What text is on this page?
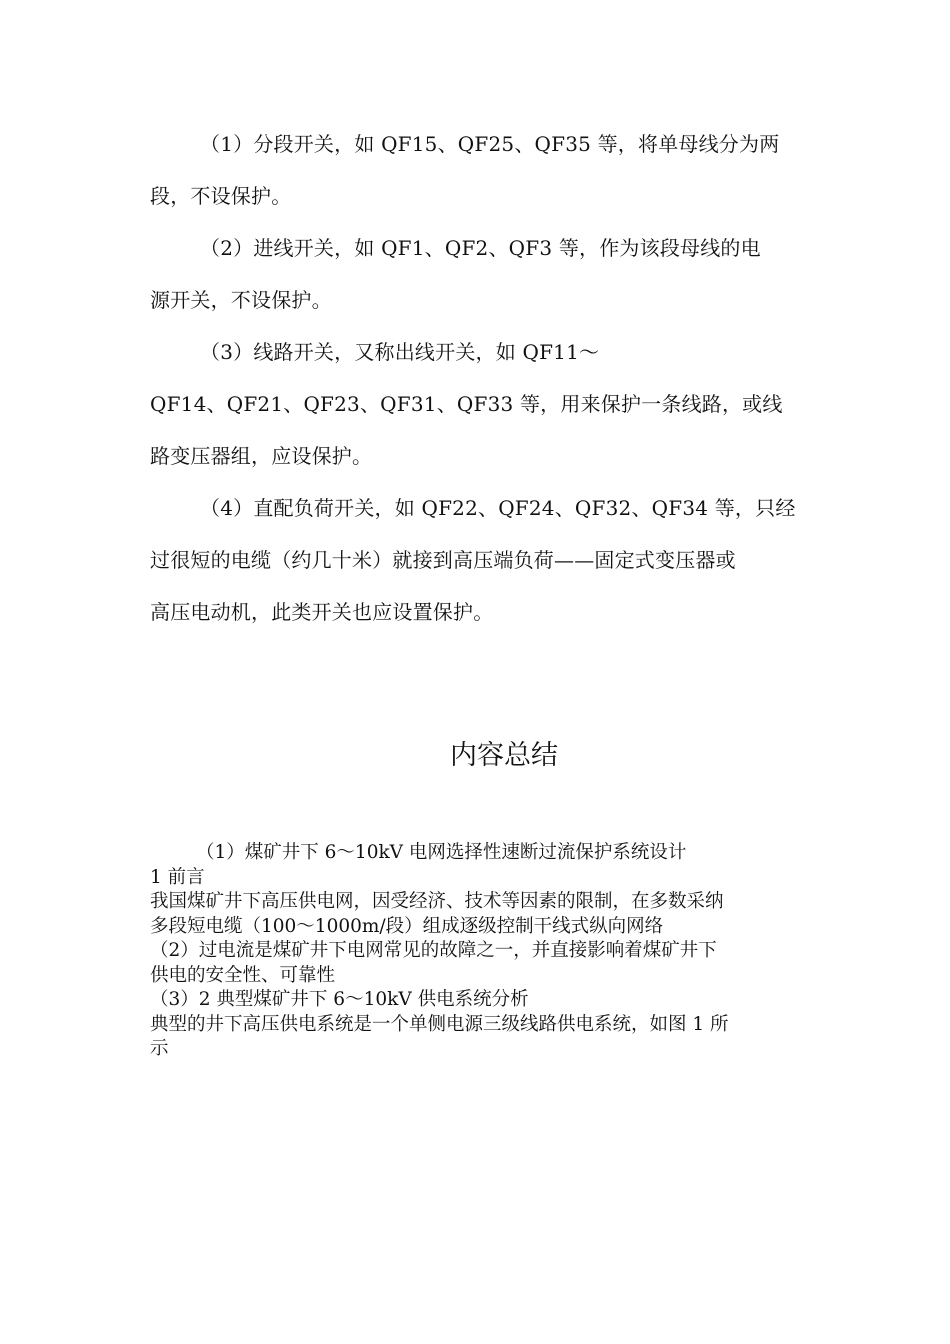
（1）分段开关，如 QF15、QF25、QF35 等，将单母线分为两

段，不设保护。

（2）进线开关，如 QF1、QF2、QF3 等，作为该段母线的电

源开关，不设保护。

（3）线路开关，又称出线开关，如 QF11～

QF14、QF21、QF23、QF31、QF33 等，用来保护一条线路，或线

路变压器组，应设保护。

（4）直配负荷开关，如 QF22、QF24、QF32、QF34 等，只经

过很短的电缆（约几十米）就接到高压端负荷——固定式变压器或

高压电动机，此类开关也应设置保护。

内容总结

（1）煤矿井下 6～10kV 电网选择性速断过流保护系统设计

1 前言

我国煤矿井下高压供电网，因受经济、技术等因素的限制，在多数采纳

多段短电缆（100～1000m/段）组成逐级控制干线式纵向网络

（2）过电流是煤矿井下电网常见的故障之一，并直接影响着煤矿井下

供电的安全性、可靠性

（3）2 典型煤矿井下 6～10kV 供电系统分析

典型的井下高压供电系统是一个单侧电源三级线路供电系统，如图 1 所

示
